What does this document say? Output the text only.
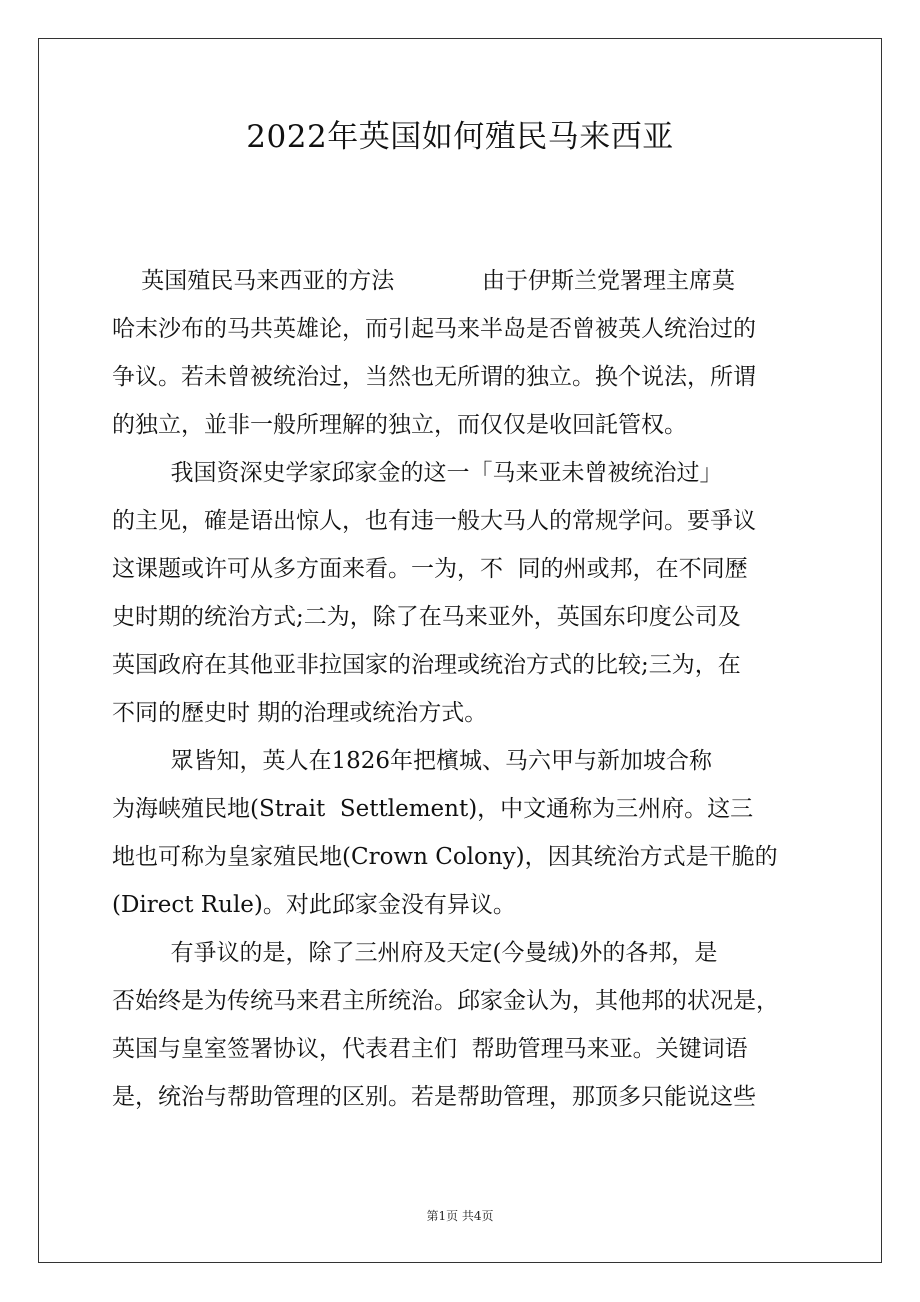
2022年英国如何殖民马来西亚
英国殖民马来西亚的方法            由于伊斯兰党署理主席莫
哈末沙布的马共英雄论，而引起马来半岛是否曾被英人统治过的
争议。若未曾被统治过，当然也无所谓的独立。换个说法，所谓
的独立，並非一般所理解的独立，而仅仅是收回託管权。
我国资深史学家邱家金的这一「马来亚未曾被统治过」
的主见，確是语出惊人，也有违一般大马人的常规学问。要爭议
这课题或许可从多方面来看。一为，不  同的州或邦，在不同歷
史时期的统治方式;二为，除了在马来亚外，英国东印度公司及
英国政府在其他亚非拉国家的治理或统治方式的比较;三为，在
不同的歷史时 期的治理或统治方式。
眾皆知，英人在1826年把檳城、马六甲与新加坡合称
为海峡殖民地(Strait  Settlement)，中文通称为三州府。这三
地也可称为皇家殖民地(Crown Colony)，因其统治方式是干脆的
(Direct Rule)。对此邱家金没有异议。
有爭议的是，除了三州府及天定(今曼绒)外的各邦，是
否始终是为传统马来君主所统治。邱家金认为，其他邦的状况是，
英国与皇室签署协议，代表君主们  帮助管理马来亚。关键词语
是，统治与帮助管理的区别。若是帮助管理，那顶多只能说这些
第1页 共4页
